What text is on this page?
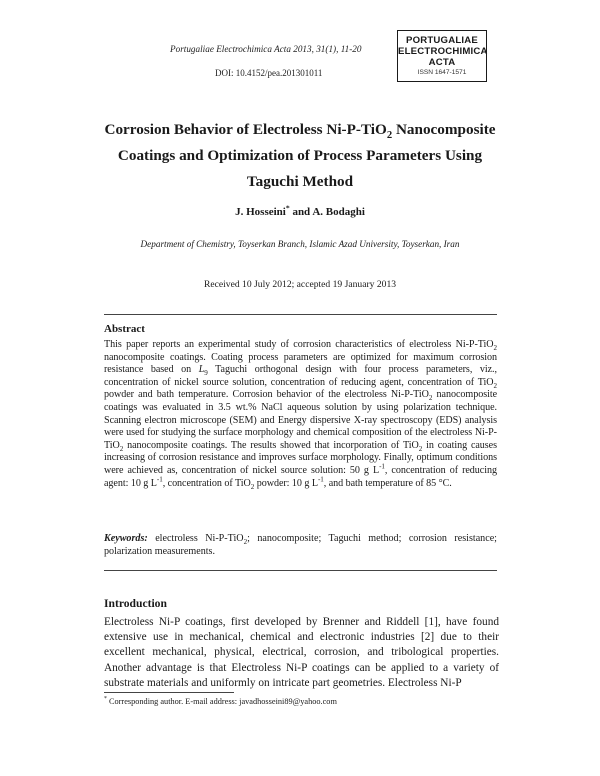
Portugaliae Electrochimica Acta 2013, 31(1), 11-20
DOI: 10.4152/pea.201301011
PORTUGALIAE
ELECTROCHIMICA
ACTA
ISSN 1647-1571
Corrosion Behavior of Electroless Ni-P-TiO$_2$ Nanocomposite
Coatings and Optimization of Process Parameters Using
Taguchi Method
J. Hosseini* and A. Bodaghi
Department of Chemistry, Toyserkan Branch, Islamic Azad University, Toyserkan, Iran
Received 10 July 2012; accepted 19 January 2013
Abstract
This paper reports an experimental study of corrosion characteristics of electroless Ni-P-TiO$_2$ nanocomposite coatings. Coating process parameters are optimized for maximum corrosion resistance based on $L_9$ Taguchi orthogonal design with four process parameters, viz., concentration of nickel source solution, concentration of reducing agent, concentration of TiO$_2$ powder and bath temperature. Corrosion behavior of the electroless Ni-P-TiO$_2$ nanocomposite coatings was evaluated in 3.5 wt.% NaCl aqueous solution by using polarization technique. Scanning electron microscope (SEM) and Energy dispersive X-ray spectroscopy (EDS) analysis were used for studying the surface morphology and chemical composition of the electroless Ni-P-TiO$_2$ nanocomposite coatings. The results showed that incorporation of TiO$_2$ in coating causes increasing of corrosion resistance and improves surface morphology. Finally, optimum conditions were achieved as, concentration of nickel source solution: 50 g $L^{-1}$, concentration of reducing agent: 10 g $L^{-1}$, concentration of TiO$_2$ powder: 10 g $L^{-1}$, and bath temperature of 85 °C.
Keywords: electroless Ni-P-TiO$_2$; nanocomposite; Taguchi method; corrosion resistance; polarization measurements.
Introduction
Electroless Ni-P coatings, first developed by Brenner and Riddell [1], have found extensive use in mechanical, chemical and electronic industries [2] due to their excellent mechanical, physical, electrical, corrosion, and tribological properties. Another advantage is that Electroless Ni-P coatings can be applied to a variety of substrate materials and uniformly on intricate part geometries. Electroless Ni-P
* Corresponding author. E-mail address: javadhosseini89@yahoo.com
